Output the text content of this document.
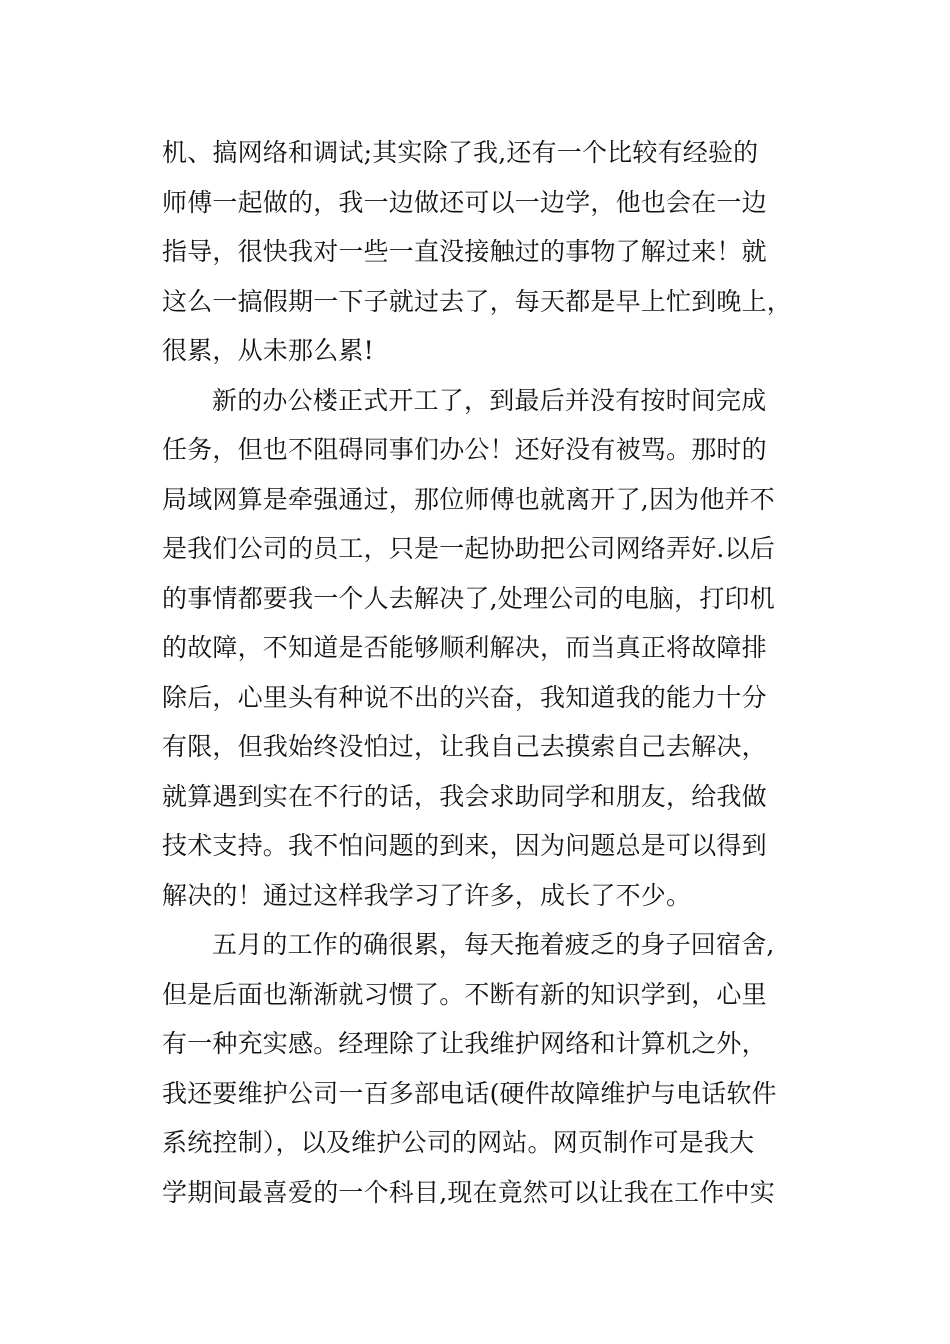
机、搞网络和调试;其实除了我,还有一个比较有经验的
师傅一起做的，我一边做还可以一边学，他也会在一边
指导，很快我对一些一直没接触过的事物了解过来！就
这么一搞假期一下子就过去了，每天都是早上忙到晚上，
很累，从未那么累!
新的办公楼正式开工了，到最后并没有按时间完成
任务，但也不阻碍同事们办公！还好没有被骂。那时的
局域网算是牵强通过，那位师傅也就离开了,因为他并不
是我们公司的员工，只是一起协助把公司网络弄好.以后
的事情都要我一个人去解决了,处理公司的电脑，打印机
的故障，不知道是否能够顺利解决，而当真正将故障排
除后，心里头有种说不出的兴奋，我知道我的能力十分
有限，但我始终没怕过，让我自己去摸索自己去解决，
就算遇到实在不行的话，我会求助同学和朋友，给我做
技术支持。我不怕问题的到来，因为问题总是可以得到
解决的！通过这样我学习了许多，成长了不少。
五月的工作的确很累，每天拖着疲乏的身子回宿舍,
但是后面也渐渐就习惯了。不断有新的知识学到，心里
有一种充实感。经理除了让我维护网络和计算机之外，
我还要维护公司一百多部电话(硬件故障维护与电话软件
系统控制），以及维护公司的网站。网页制作可是我大
学期间最喜爱的一个科目,现在竟然可以让我在工作中实
